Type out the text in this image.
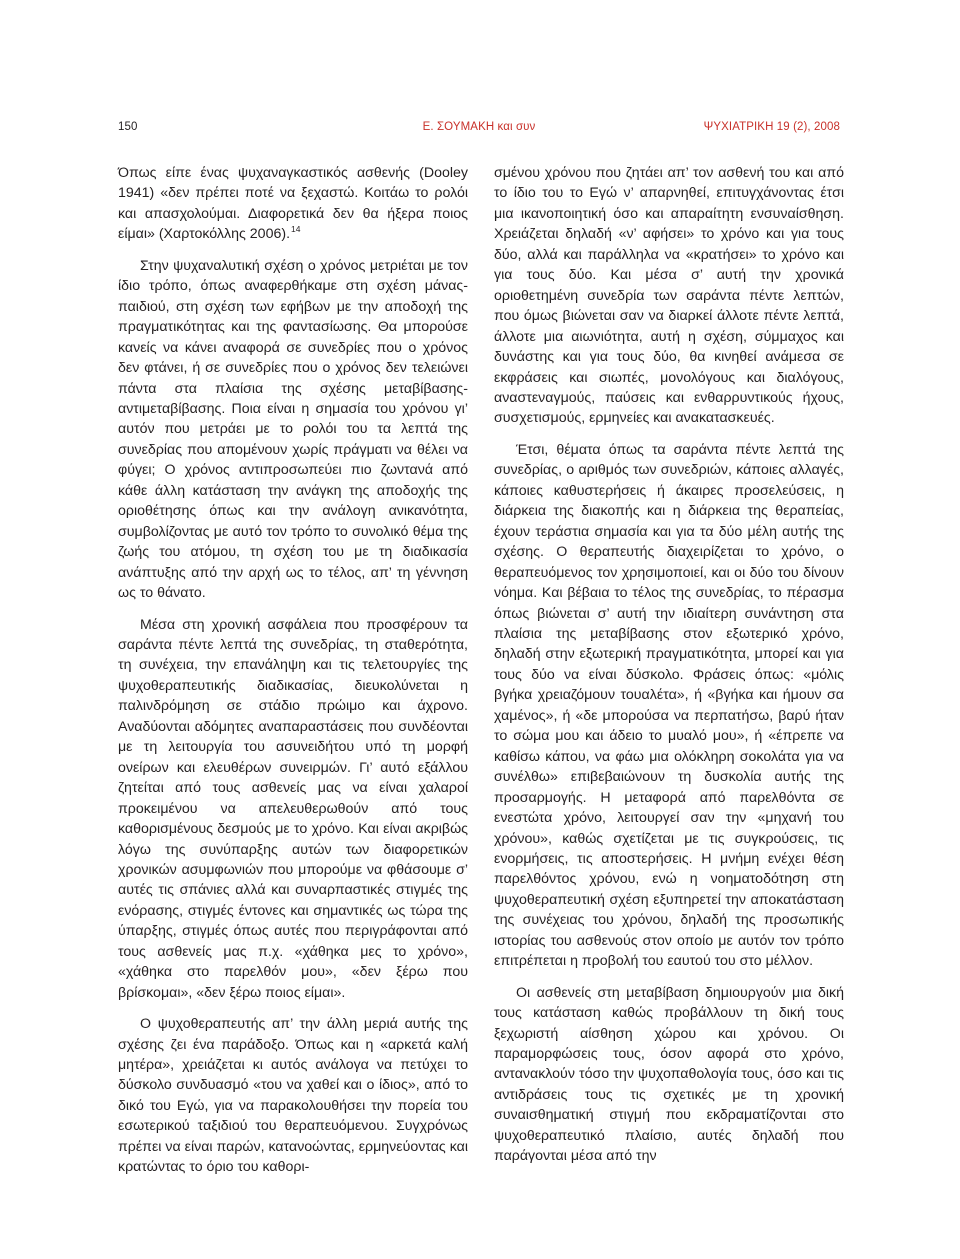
150	Ε. ΣΟΥΜΑΚΗ και συν	ΨΥΧΙΑΤΡΙΚΗ 19 (2), 2008

Όπως είπε ένας ψυχαναγκαστικός ασθενής (Dooley 1941) «δεν πρέπει ποτέ να ξεχαστώ. Κοιτάω το ρολόι και απασχολούμαι. Διαφορετικά δεν θα ήξερα ποιος είμαι» (Χαρτοκόλλης 2006).$^{14}$

Στην ψυχαναλυτική σχέση ο χρόνος μετριέται με τον ίδιο τρόπο, όπως αναφερθήκαμε στη σχέση μάνας-παιδιού, στη σχέση των εφήβων με την αποδοχή της πραγματικότητας και της φαντασίωσης. Θα μπορούσε κανείς να κάνει αναφορά σε συνεδρίες που ο χρόνος δεν φτάνει, ή σε συνεδρίες που ο χρόνος δεν τελειώνει πάντα στα πλαίσια της σχέσης μεταβίβασης-αντιμεταβίβασης. Ποια είναι η σημασία του χρόνου γι’ αυτόν που μετράει με το ρολόι του τα λεπτά της συνεδρίας που απομένουν χωρίς πράγματι να θέλει να φύγει; Ο χρόνος αντιπροσωπεύει πιο ζωντανά από κάθε άλλη κατάσταση την ανάγκη της αποδοχής της οριοθέτησης όπως και την ανάλογη ανικανότητα, συμβολίζοντας με αυτό τον τρόπο το συνολικό θέμα της ζωής του ατόμου, τη σχέση του με τη διαδικασία ανάπτυξης από την αρχή ως το τέλος, απ’ τη γέννηση ως το θάνατο.

Μέσα στη χρονική ασφάλεια που προσφέρουν τα σαράντα πέντε λεπτά της συνεδρίας, τη σταθερότητα, τη συνέχεια, την επανάληψη και τις τελετουργίες της ψυχοθεραπευτικής διαδικασίας, διευκολύνεται η παλινδρόμηση σε στάδιο πρώιμο και άχρονο. Αναδύονται αδόμητες αναπαραστάσεις που συνδέονται με τη λειτουργία του ασυνειδήτου υπό τη μορφή ονείρων και ελευθέρων συνειρμών. Γι’ αυτό εξάλλου ζητείται από τους ασθενείς μας να είναι χαλαροί προκειμένου να απελευθερωθούν από τους καθορισμένους δεσμούς με το χρόνο. Και είναι ακριβώς λόγω της συνύπαρξης αυτών των διαφορετικών χρονικών ασυμφωνιών που μπορούμε να φθάσουμε σ’ αυτές τις σπάνιες αλλά και συναρπαστικές στιγμές της ενόρασης, στιγμές έντονες και σημαντικές ως τώρα της ύπαρξης, στιγμές όπως αυτές που περιγράφονται από τους ασθενείς μας π.χ. «χάθηκα μες το χρόνο», «χάθηκα στο παρελθόν μου», «δεν ξέρω που βρίσκομαι», «δεν ξέρω ποιος είμαι».

Ο ψυχοθεραπευτής απ’ την άλλη μεριά αυτής της σχέσης ζει ένα παράδοξο. Όπως και η «αρκετά καλή μητέρα», χρειάζεται κι αυτός ανάλογα να πετύχει το δύσκολο συνδυασμό «του να χαθεί και ο ίδιος», από το δικό του Εγώ, για να παρακολουθήσει την πορεία του εσωτερικού ταξιδιού του θεραπευόμενου. Συγχρόνως πρέπει να είναι παρών, κατανοώντας, ερμηνεύοντας και κρατώντας το όριο του καθορι-

σμένου χρόνου που ζητάει απ’ τον ασθενή του και από το ίδιο του το Εγώ ν’ απαρνηθεί, επιτυγχάνοντας έτσι μια ικανοποιητική όσο και απαραίτητη ενσυναίσθηση. Χρειάζεται δηλαδή «ν’ αφήσει» το χρόνο και για τους δύο, αλλά και παράλληλα να «κρατήσει» το χρόνο και για τους δύο. Και μέσα σ’ αυτή την χρονικά οριοθετημένη συνεδρία των σαράντα πέντε λεπτών, που όμως βιώνεται σαν να διαρκεί άλλοτε πέντε λεπτά, άλλοτε μια αιωνιότητα, αυτή η σχέση, σύμμαχος και δυνάστης και για τους δύο, θα κινηθεί ανάμεσα σε εκφράσεις και σιωπές, μονολόγους και διαλόγους, αναστεναγμούς, παύσεις και ενθαρρυντικούς ήχους, συσχετισμούς, ερμηνείες και ανακατασκευές.

Έτσι, θέματα όπως τα σαράντα πέντε λεπτά της συνεδρίας, ο αριθμός των συνεδριών, κάποιες αλλαγές, κάποιες καθυστερήσεις ή άκαιρες προσελεύσεις, η διάρκεια της διακοπής και η διάρκεια της θεραπείας, έχουν τεράστια σημασία και για τα δύο μέλη αυτής της σχέσης. Ο θεραπευτής διαχειρίζεται το χρόνο, ο θεραπευόμενος τον χρησιμοποιεί, και οι δύο του δίνουν νόημα. Και βέβαια το τέλος της συνεδρίας, το πέρασμα όπως βιώνεται σ’ αυτή την ιδιαίτερη συνάντηση στα πλαίσια της μεταβίβασης στον εξωτερικό χρόνο, δηλαδή στην εξωτερική πραγματικότητα, μπορεί και για τους δύο να είναι δύσκολο. Φράσεις όπως: «μόλις βγήκα χρειαζόμουν τουαλέτα», ή «βγήκα και ήμουν σα χαμένος», ή «δε μπορούσα να περπατήσω, βαρύ ήταν το σώμα μου και άδειο το μυαλό μου», ή «έπρεπε να καθίσω κάπου, να φάω μια ολόκληρη σοκολάτα για να συνέλθω» επιβεβαιώνουν τη δυσκολία αυτής της προσαρμογής. Η μεταφορά από παρελθόντα σε ενεστώτα χρόνο, λειτουργεί σαν την «μηχανή του χρόνου», καθώς σχετίζεται με τις συγκρούσεις, τις ενορμήσεις, τις αποστερήσεις. Η μνήμη ενέχει θέση παρελθόντος χρόνου, ενώ η νοηματοδότηση στη ψυχοθεραπευτική σχέση εξυπηρετεί την αποκατάσταση της συνέχειας του χρόνου, δηλαδή της προσωπικής ιστορίας του ασθενούς στον οποίο με αυτόν τον τρόπο επιτρέπεται η προβολή του εαυτού του στο μέλλον.

Οι ασθενείς στη μεταβίβαση δημιουργούν μια δική τους κατάσταση καθώς προβάλλουν τη δική τους ξεχωριστή αίσθηση χώρου και χρόνου. Οι παραμορφώσεις τους, όσον αφορά στο χρόνο, αντανακλούν τόσο την ψυχοπαθολογία τους, όσο και τις αντιδράσεις τους τις σχετικές με τη χρονική συναισθηματική στιγμή που εκδραματίζονται στο ψυχοθεραπευτικό πλαίσιο, αυτές δηλαδή που παράγονται μέσα από την
